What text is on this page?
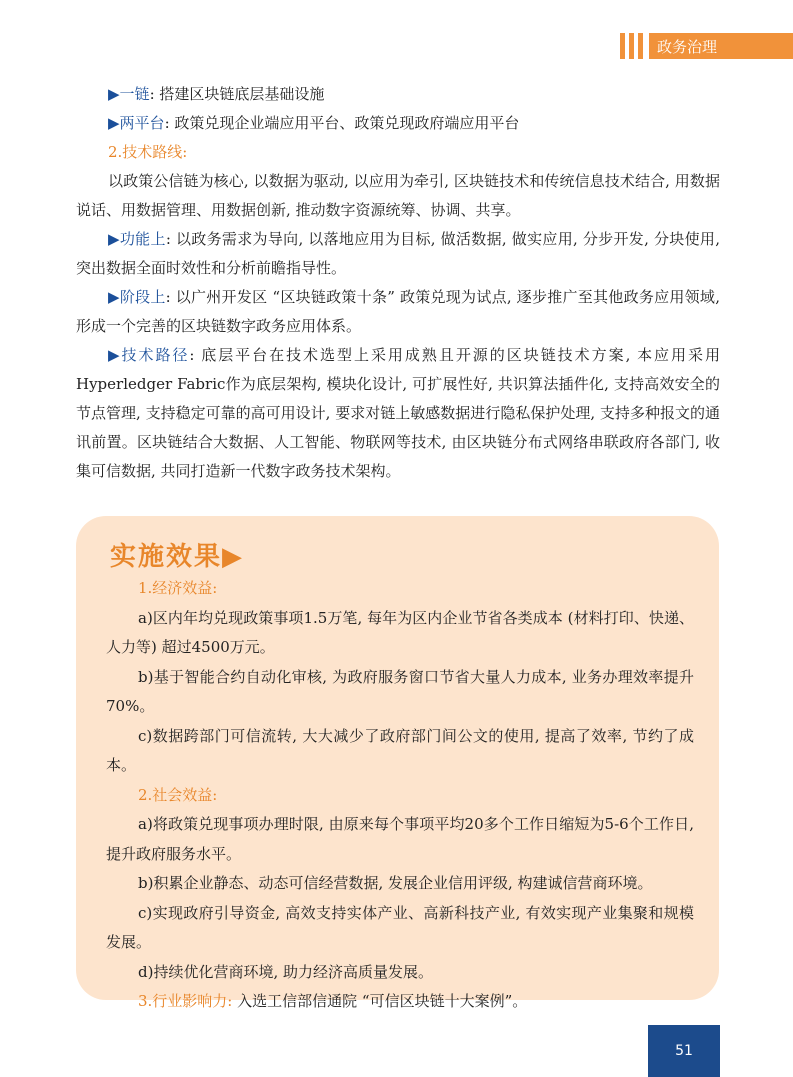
政务治理

▶一链: 搭建区块链底层基础设施

▶两平台: 政策兑现企业端应用平台、政策兑现政府端应用平台

2.技术路线:

以政策公信链为核心, 以数据为驱动, 以应用为牵引, 区块链技术和传统信息技术结合, 用数据说话、用数据管理、用数据创新, 推动数字资源统筹、协调、共享。

▶功能上: 以政务需求为导向, 以落地应用为目标, 做活数据, 做实应用, 分步开发, 分块使用, 突出数据全面时效性和分析前瞻指导性。

▶阶段上: 以广州开发区 “区块链政策十条” 政策兑现为试点, 逐步推广至其他政务应用领域, 形成一个完善的区块链数字政务应用体系。

▶技术路径: 底层平台在技术选型上采用成熟且开源的区块链技术方案, 本应用采用Hyperledger Fabric作为底层架构, 模块化设计, 可扩展性好, 共识算法插件化, 支持高效安全的节点管理, 支持稳定可靠的高可用设计, 要求对链上敏感数据进行隐私保护处理, 支持多种报文的通讯前置。区块链结合大数据、人工智能、物联网等技术, 由区块链分布式网络串联政府各部门, 收集可信数据, 共同打造新一代数字政务技术架构。

实施效果▶

1.经济效益:

a)区内年均兑现政策事项1.5万笔, 每年为区内企业节省各类成本 (材料打印、快递、人力等) 超过4500万元。

b)基于智能合约自动化审核, 为政府服务窗口节省大量人力成本, 业务办理效率提升70%。

c)数据跨部门可信流转, 大大减少了政府部门间公文的使用, 提高了效率, 节约了成本。

2.社会效益:

a)将政策兑现事项办理时限, 由原来每个事项平均20多个工作日缩短为5-6个工作日, 提升政府服务水平。

b)积累企业静态、动态可信经营数据, 发展企业信用评级, 构建诚信营商环境。

c)实现政府引导资金, 高效支持实体产业、高新科技产业, 有效实现产业集聚和规模发展。

d)持续优化营商环境, 助力经济高质量发展。

3.行业影响力: 入选工信部信通院 “可信区块链十大案例”。

51
